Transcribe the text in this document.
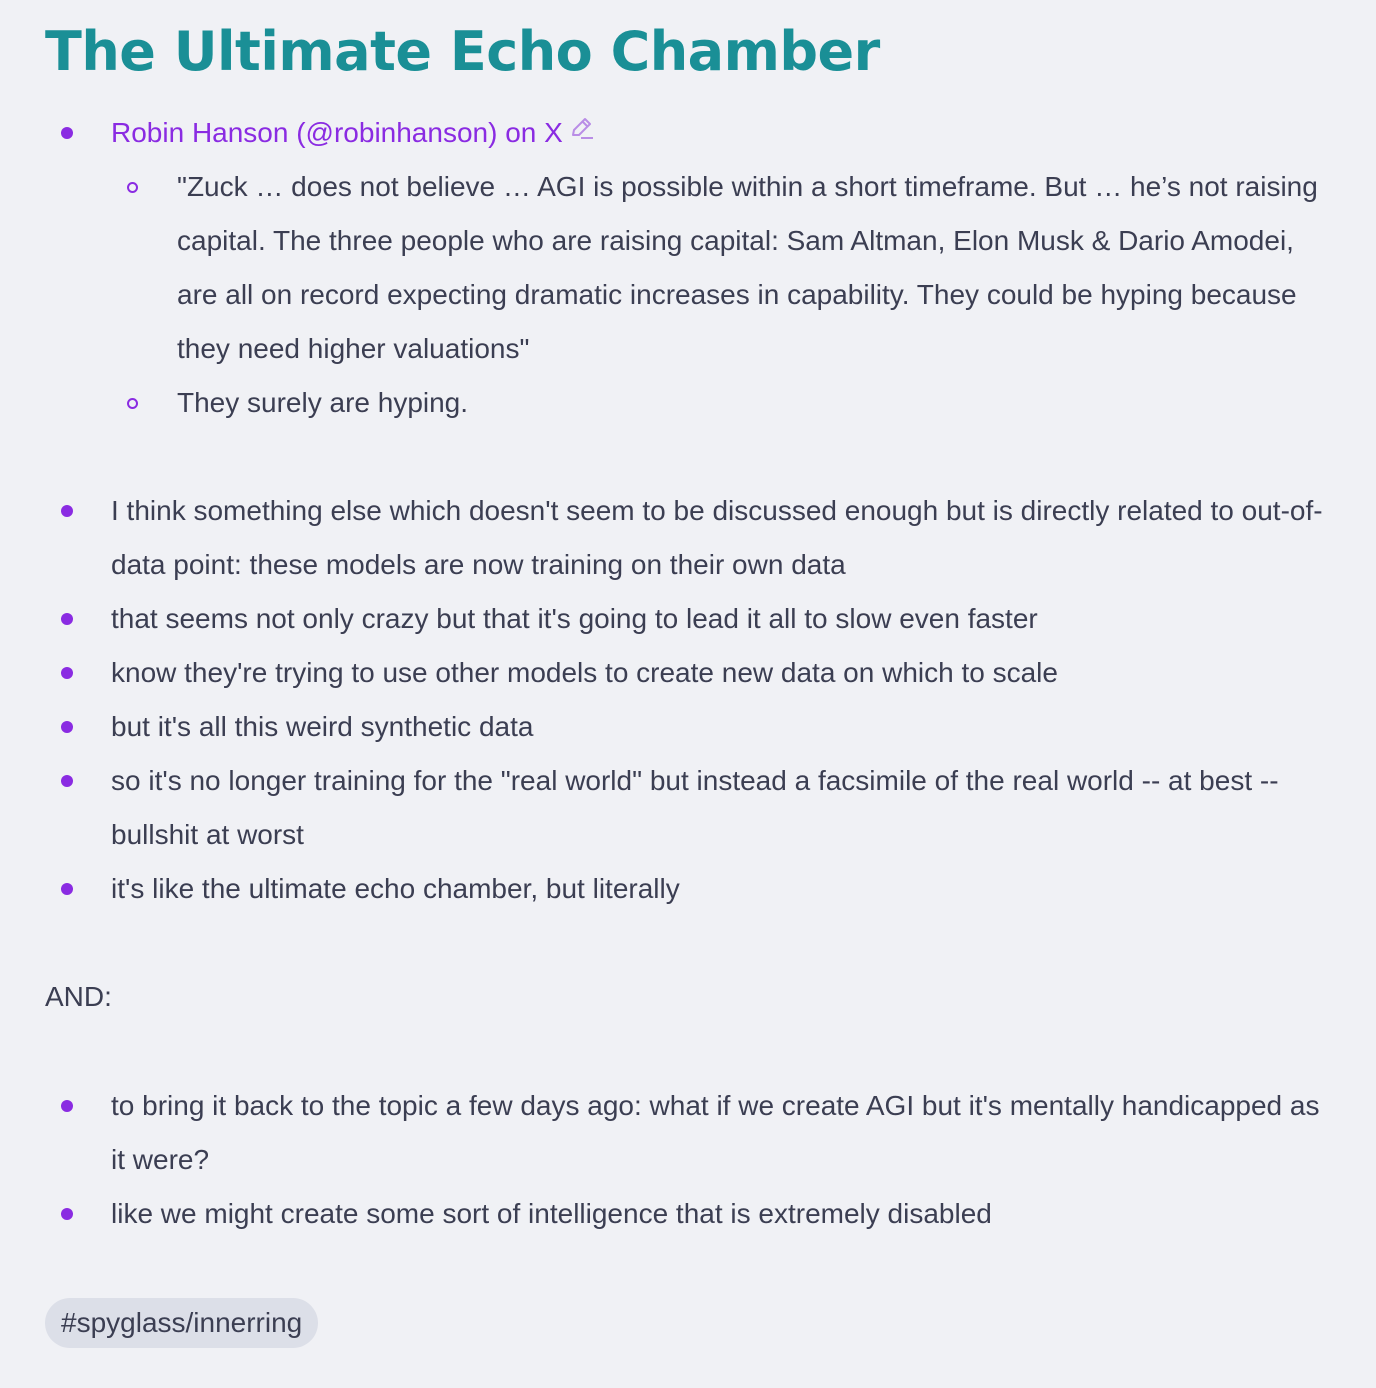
The Ultimate Echo Chamber
Robin Hanson (@robinhanson) on X
"Zuck … does not believe … AGI is possible within a short timeframe. But … he’s not raising capital. The three people who are raising capital: Sam Altman, Elon Musk & Dario Amodei, are all on record expecting dramatic increases in capability. They could be hyping because they need higher valuations"
They surely are hyping.
I think something else which doesn't seem to be discussed enough but is directly related to out-of-data point: these models are now training on their own data
that seems not only crazy but that it's going to lead it all to slow even faster
know they're trying to use other models to create new data on which to scale
but it's all this weird synthetic data
so it's no longer training for the "real world" but instead a facsimile of the real world -- at best -- bullshit at worst
it's like the ultimate echo chamber, but literally
AND:
to bring it back to the topic a few days ago: what if we create AGI but it's mentally handicapped as it were?
like we might create some sort of intelligence that is extremely disabled
#spyglass/innerring
